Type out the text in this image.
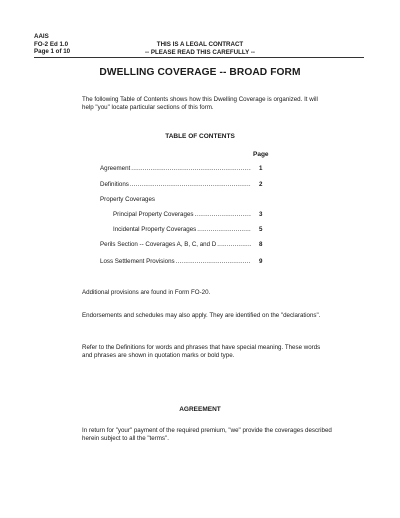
AAIS
FO-2 Ed 1.0
Page 1 of 10
THIS IS A LEGAL CONTRACT
-- PLEASE READ THIS CAREFULLY --
DWELLING COVERAGE -- BROAD FORM
The following Table of Contents shows how this Dwelling Coverage is organized. It will help "you" locate particular sections of this form.
TABLE OF CONTENTS
Page
Agreement .....	1
Definitions .....	2
Property Coverages
Principal Property Coverages .....	3
Incidental Property Coverages .....	5
Perils Section -- Coverages A, B, C, and D .....	8
Loss Settlement Provisions .....	9
Additional provisions are found in Form FO-20.
Endorsements and schedules may also apply. They are identified on the "declarations".
Refer to the Definitions for words and phrases that have special meaning. These words and phrases are shown in quotation marks or bold type.
AGREEMENT
In return for "your" payment of the required premium, "we" provide the coverages described herein subject to all the "terms".
